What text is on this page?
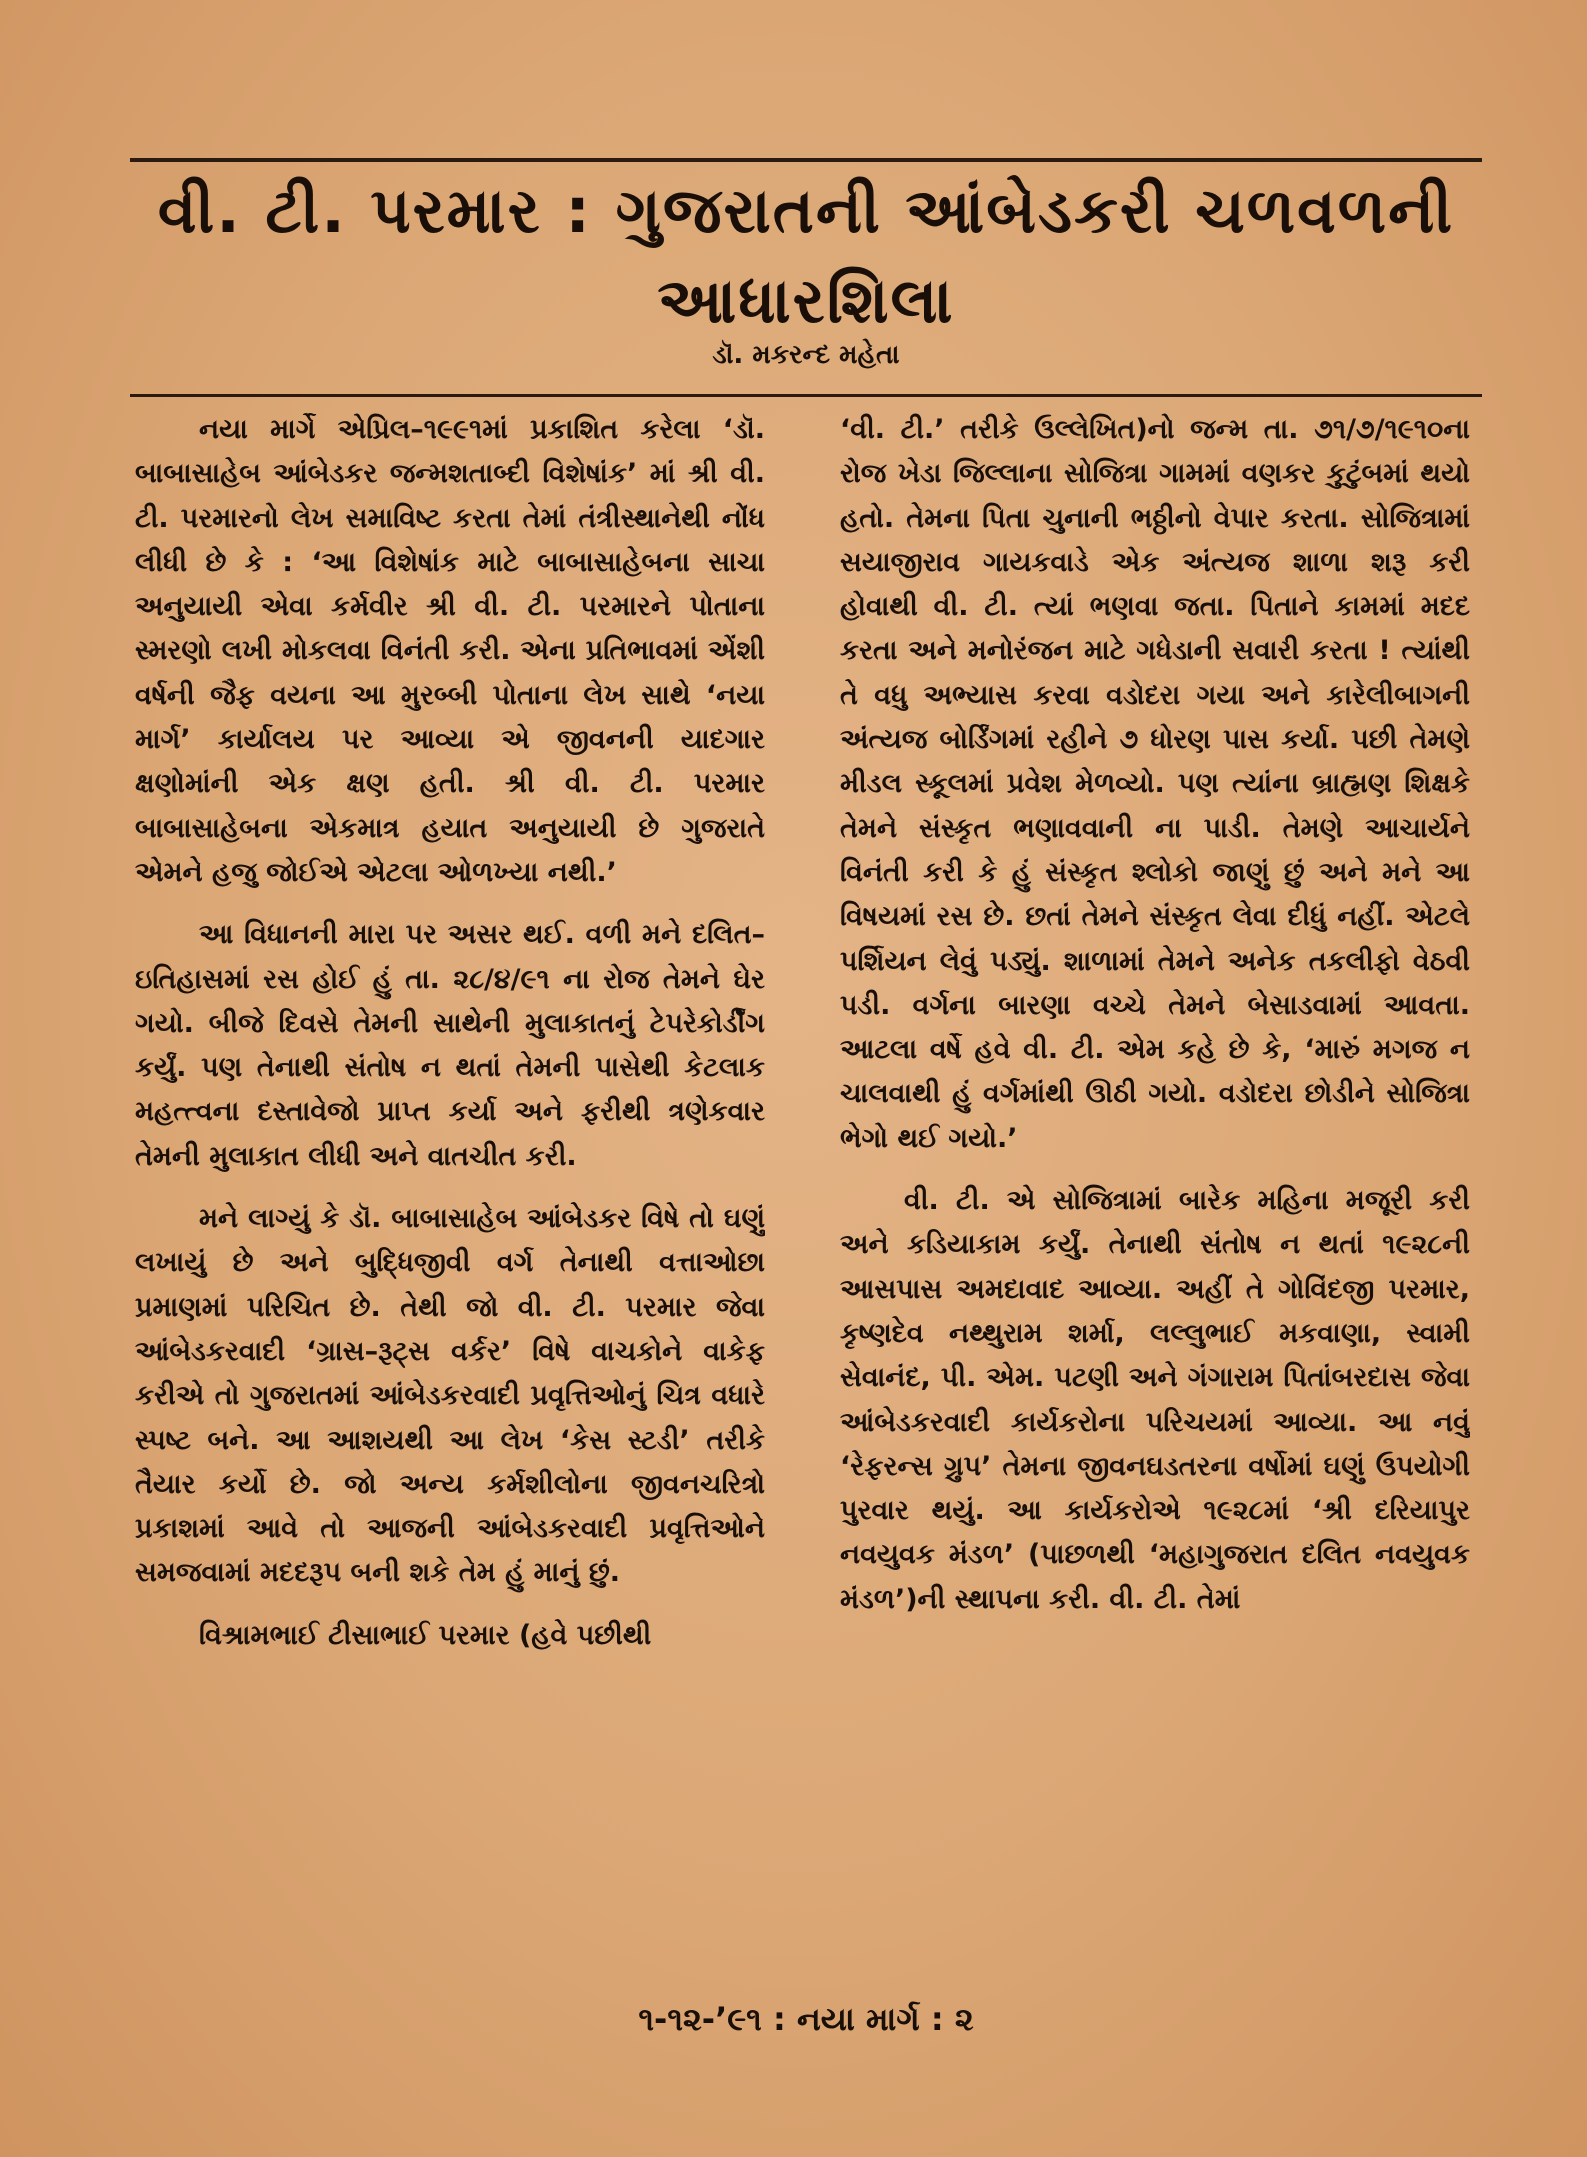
વી. ટી. પરમાર : ગુજરાતની આંબેડકરી ચળવળની
આધારશિલા
ડૉ. મકરન્દ મહેતા

નયા માર્ગે એપ્રિલ–૧૯૯૧માં પ્રકાશિત કરેલા ‘ડૉ. બાબાસાહેબ આંબેડકર જન્મશતાબ્દી વિશેષાંક’ માં શ્રી વી. ટી. પરમારનો લેખ સમાવિષ્ટ કરતા તેમાં તંત્રીસ્થાનેથી નોંધ લીધી છે કે : ‘આ વિશેષાંક માટે બાબાસાહેબના સાચા અનુયાયી એવા કર્મવીર શ્રી વી. ટી. પરમારને પોતાના સ્મરણો લખી મોકલવા વિનંતી કરી. એના પ્રતિભાવમાં એંશી વર્ષની જૈફ વયના આ મુરબ્બી પોતાના લેખ સાથે ‘નયા માર્ગ’ કાર્યાલય પર આવ્યા એ જીવનની યાદગાર ક્ષણોમાંની એક ક્ષણ હતી. શ્રી વી. ટી. પરમાર બાબાસાહેબના એકમાત્ર હયાત અનુયાયી છે ગુજરાતે એમને હજુ જોઈએ એટલા ઓળખ્યા નથી.’

આ વિધાનની મારા પર અસર થઈ. વળી મને દલિત–ઇતિહાસમાં રસ હોઈ હું તા. ૨૮/૪/૯૧ ના રોજ તેમને ઘેર ગયો. બીજે દિવસે તેમની સાથેની મુલાકાતનું ટેપરેકોર્ડીંગ કર્યું. પણ તેનાથી સંતોષ ન થતાં તેમની પાસેથી કેટલાક મહત્ત્વના દસ્તાવેજો પ્રાપ્ત કર્યા અને ફરીથી ત્રણેકવાર તેમની મુલાકાત લીધી અને વાતચીત કરી.

મને લાગ્યું કે ડૉ. બાબાસાહેબ આંબેડકર વિષે તો ઘણું લખાયું છે અને બુદ્ધિજીવી વર્ગ તેનાથી વત્તાઓછા પ્રમાણમાં પરિચિત છે. તેથી જો વી. ટી. પરમાર જેવા આંબેડકરવાદી ‘ગ્રાસ–રૂટ્સ વર્કર’ વિષે વાચકોને વાકેફ કરીએ તો ગુજરાતમાં આંબેડકરવાદી પ્રવૃત્તિઓનું ચિત્ર વધારે સ્પષ્ટ બને. આ આશયથી આ લેખ ‘કેસ સ્ટડી’ તરીકે તૈયાર કર્યો છે. જો અન્ય કર્મશીલોના જીવનચરિત્રો પ્રકાશમાં આવે તો આજની આંબેડકરવાદી પ્રવૃત્તિઓને સમજવામાં મદદરૂપ બની શકે તેમ હું માનું છું.

વિશ્રામભાઈ ટીસાભાઈ પરમાર (હવે પછીથી

‘વી. ટી.’ તરીકે ઉલ્લેખિત)નો જન્મ તા. ૭૧/૭/૧૯૧૦ના રોજ ખેડા જિલ્લાના સોજિત્રા ગામમાં વણકર કુટુંબમાં થયો હતો. તેમના પિતા ચુનાની ભઠ્ઠીનો વેપાર કરતા. સોજિત્રામાં સયાજીરાવ ગાયકવાડે એક અંત્યજ શાળા શરૂ કરી હોવાથી વી. ટી. ત્યાં ભણવા જતા. પિતાને કામમાં મદદ કરતા અને મનોરંજન માટે ગધેડાની સવારી કરતા ! ત્યાંથી તે વધુ અભ્યાસ કરવા વડોદરા ગયા અને કારેલીબાગની અંત્યજ બોર્ડિંગમાં રહીને ૭ ધોરણ પાસ કર્યા. પછી તેમણે મીડલ સ્કૂલમાં પ્રવેશ મેળવ્યો. પણ ત્યાંના બ્રાહ્મણ શિક્ષકે તેમને સંસ્કૃત ભણાવવાની ના પાડી. તેમણે આચાર્યને વિનંતી કરી કે હું સંસ્કૃત શ્લોકો જાણું છું અને મને આ વિષયમાં રસ છે. છતાં તેમને સંસ્કૃત લેવા દીધું નહીં. એટલે પર્શિયન લેવું પડ્યું. શાળામાં તેમને અનેક તકલીફો વેઠવી પડી. વર્ગના બારણા વચ્ચે તેમને બેસાડવામાં આવતા. આટલા વર્ષે હવે વી. ટી. એમ કહે છે કે, ‘મારું મગજ ન ચાલવાથી હું વર્ગમાંથી ઊઠી ગયો. વડોદરા છોડીને સોજિત્રા ભેગો થઈ ગયો.’

વી. ટી. એ સોજિત્રામાં બારેક મહિના મજૂરી કરી અને કડિયાકામ કર્યું. તેનાથી સંતોષ ન થતાં ૧૯૨૮ની આસપાસ અમદાવાદ આવ્યા. અહીં તે ગોવિંદજી પરમાર, કૃષ્ણદેવ નથ્થુરામ શર્મા, લલ્લુભાઈ મકવાણા, સ્વામી સેવાનંદ, પી. એમ. પટણી અને ગંગારામ પિતાંબરદાસ જેવા આંબેડકરવાદી કાર્યકરોના પરિચયમાં આવ્યા. આ નવું ‘રેફરન્સ ગ્રુપ’ તેમના જીવનઘડતરના વર્ષોમાં ઘણું ઉપયોગી પુરવાર થયું. આ કાર્યકરોએ ૧૯૨૮માં ‘શ્રી દરિયાપુર નવયુવક મંડળ’ (પાછળથી ‘મહાગુજરાત દલિત નવયુવક મંડળ’)ની સ્થાપના કરી. વી. ટી. તેમાં

૧-૧૨-’૯૧ : નયા માર્ગ : ૨
